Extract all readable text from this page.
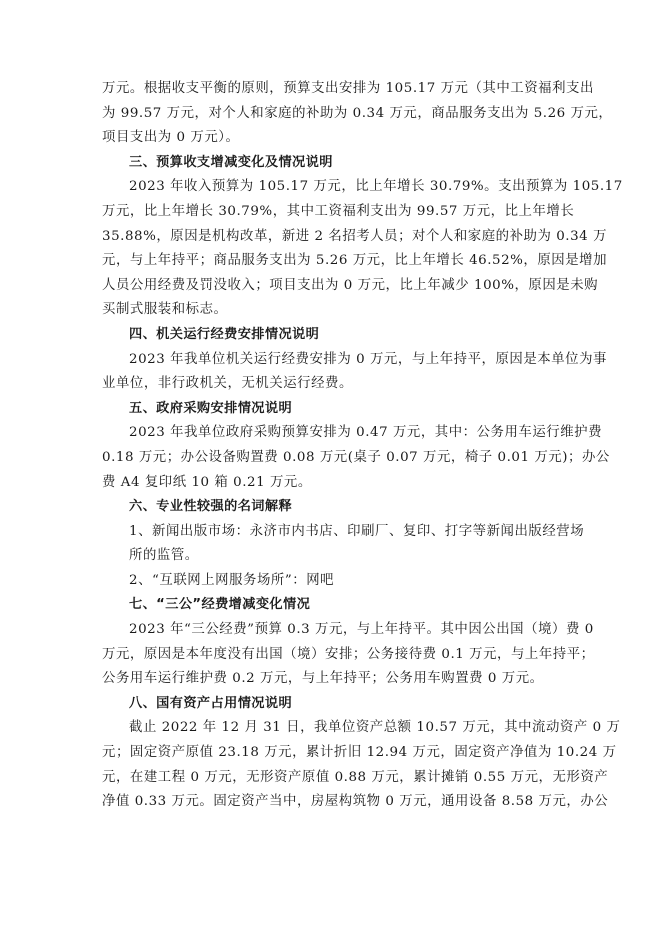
万元。根据收支平衡的原则，预算支出安排为 105.17 万元（其中工资福利支出
为 99.57 万元，对个人和家庭的补助为 0.34 万元，商品服务支出为 5.26 万元，
项目支出为 0 万元）。
三、预算收支增减变化及情况说明
2023 年收入预算为 105.17 万元，比上年增长 30.79%。支出预算为 105.17
万元，比上年增长 30.79%，其中工资福利支出为 99.57 万元，比上年增长
35.88%，原因是机构改革，新进 2 名招考人员；对个人和家庭的补助为 0.34 万
元，与上年持平；商品服务支出为 5.26 万元，比上年增长 46.52%，原因是增加
人员公用经费及罚没收入；项目支出为 0 万元，比上年减少 100%，原因是未购
买制式服装和标志。
四、机关运行经费安排情况说明
2023 年我单位机关运行经费安排为 0 万元，与上年持平，原因是本单位为事
业单位，非行政机关，无机关运行经费。
五、政府采购安排情况说明
2023 年我单位政府采购预算安排为 0.47 万元，其中：公务用车运行维护费
0.18 万元；办公设备购置费 0.08 万元(桌子 0.07 万元，椅子 0.01 万元)；办公
费 A4 复印纸 10 箱 0.21 万元。
六、专业性较强的名词解释
1、新闻出版市场：永济市内书店、印刷厂、复印、打字等新闻出版经营场
所的监管。
2、“互联网上网服务场所”：网吧
七、“三公”经费增减变化情况
2023 年“三公经费”预算 0.3 万元，与上年持平。其中因公出国（境）费 0
万元，原因是本年度没有出国（境）安排；公务接待费 0.1 万元，与上年持平；
公务用车运行维护费 0.2 万元，与上年持平；公务用车购置费 0 万元。
八、国有资产占用情况说明
截止 2022 年 12 月 31 日，我单位资产总额 10.57 万元，其中流动资产 0 万
元；固定资产原值 23.18 万元，累计折旧 12.94 万元，固定资产净值为 10.24 万
元，在建工程 0 万元，无形资产原值 0.88 万元，累计摊销 0.55 万元，无形资产
净值 0.33 万元。固定资产当中，房屋构筑物 0 万元，通用设备 8.58 万元，办公
